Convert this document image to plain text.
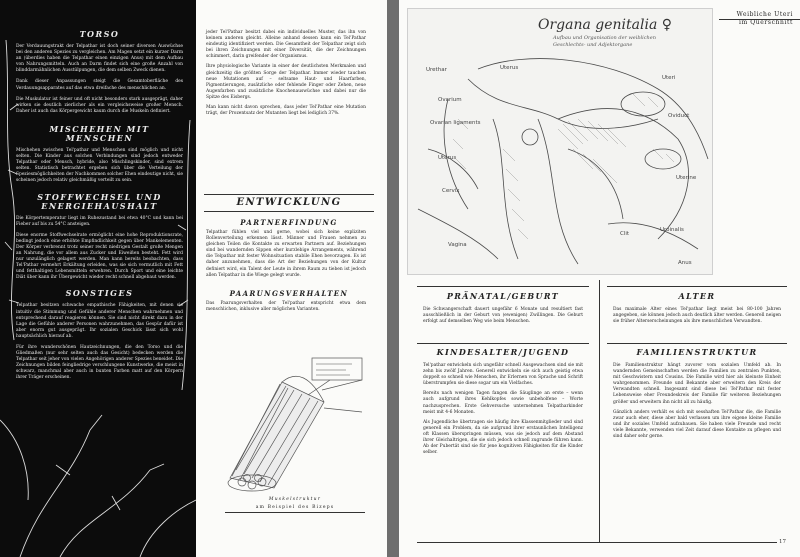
TORSO

Der Verdauungstrakt der Telpathar ist doch seiner diversen Auswüchse bei den anderen Spezies zu vergleichen. Am Magen setzt ein kurzer Darm an (überdies haben die Telpathar einen einzigen Anus) mit dem Aufbau von Nahrungsmitteln. Auch an Darm findet sich eine große Anzahl von blinddarmähnlichen Ausstülpungen, die dem selben Zweck dienen.

Dank dieser Anpassungen steigt die Gesamtoberfläche des Verdauungsapparates auf das etwa dreifache des menschlichen an.

Die Muskulatur ist feiner und oft nicht besonders stark ausgeprägt, daher wirken sie deutlich zierlicher als ein vergleichsweise großer Mensch. Daher ist auch das Körpergewicht kaum durch die Muskeln definiert.

MISCHEHEN MIT MENSCHEN

Mischehen zwischen Tel'pathar und Menschen sind möglich und nicht selten. Die Kinder aus solchen Verbindungen sind jedoch entweder Telpathar oder Mensch, hybride, also Mischlingskinder, sind extrem selten. Statistisch betrachtet ergeben sich über die Verteilung der Speziesmöglichkeiten der Nachkommen solcher Ehen eindeutige nicht, sie scheinen jedoch relativ gleichmäßig verteilt zu sein.

STOFFWECHSEL UND ENERGIEHAUSHALT

Die Körpertemperatur liegt im Ruhezustand bei etwa 40°C und kann bei Fieber auf bis zu 54°C ansteigen.

Diese enorme Stoffwechselrate ermöglicht eine hohe Reproduktionsrate, bedingt jedoch eine erhöhte Empfindlichkeit gegen über Mankelementen. Der Körper verbrennt trotz seiner recht niedrigen Gestalt große Mengen an Nahrung, die vor allem aus Zucker und Eiweißen besteht. Fett wird nur unzulänglich gelagert werden. Man kann bereits beobachten, dass Tel'Pathar vermehrt Erkältung erleiden, was sie sich vermutlich mit Fett und fetthaltigen Lebensmitteln erwehren. Durch Sport und eine leichte Diät über kann ihr Übergewicht wieder recht schnell abgebaut werden.

SONSTIGES

Telpathar besitzen schwache empathische Fähigkeiten, mit denen sie intuitiv die Stimmung und Gefühle anderer Menschen wahrnehmen und entsprechend darauf reagieren können. Sie sind nicht direkt dazu in der Lage die Gefühle anderer Personen wahrzunehmen, das Gespür dafür ist aber enorm gut ausgeprägt. Ihr sozialen Geschick lässt sich wohl hauptsächlich hierauf ab.

Für ihre wunderschönen Hautzeichnungen, die den Torso und die Gliedmaßen (nur sehr selten auch das Gesicht) bedecken werden die Telpathar seit jeher von vielen Angehörigen anderer Spezies beneidet. Die Zeichnungen bilden feingliedrige verschlungene Kunstwerke, die meist in schwarz, manchmal aber auch in bunten Farben matt auf den Körpern ihrer Träger erscheinen.

jeder Tel'Pathar besitzt dabei ein individuelles Muster, das ihn von keinem anderen gleicht. Alleine anhand dessen kann ein Tel'Pathar eindeutig identifiziert werden. Die Gesamtheit der Telpathar zeigt sich bei ihren Zeichnungen mit einer Diversität, die der Zeichnungen schimmert, darin greifender der Organismus.

Ihre physiologische Variante in einer der deutlichsten Merkmalen und gleichzeitig die größten Sorge der Telpathar. Immer wieder tauchen neue Mutationen auf – seltsame Haut- und Haarfarben, Pigmentierungen, zusätzliche oder fehlende Finger oder Zehen, neue Augenfarben und zusätzliche Knochenauswüchse und dabei nur die Spitze des Eisbergs.

Man kann nicht davon sprechen, dass jeder Tel'Pathar eine Mutation trägt, der Prozentsatz der Mutanten liegt bei lediglich 37%.

ENTWICKLUNG
PARTNERFINDUNG

Telpathar fühlen viel und gerne, wobei sich keine expliziten Rollenverteilung erkennen lässt. Männer und Frauen nehmen zu gleichen Teilen die Kontakte zu erwarten Partnern auf. Beziehungen sind bei wandernden Sippen eher kurzlebige Arrangements, während die Telpathar mit fester Wohnsituation stabile Ehen bevorzugen. Es ist daher anzunehmen, dass die Art der Beziehungen von der Kultur definiert wird, ein Talent der Leute in ihrem Raum zu tieben ist jedoch allen Telpathar in die Wiege gelegt wurde.

PAARUNGSVERHALTEN

Das Paarungsverhalten der Tel'pathar entspricht etwa dem menschlichen, inklusive aller möglichen Varianten.

Muskelstruktur
am Beispiel des Bizeps
Weibliche Uteri
im Querschnitt
Organa genitalia ♀
Aufbau und Organisation der weiblichen
Geschlechts- und Adjektorgane
Urethar	Uterus
Uteri
Oviduct
Ovarium
Uterine
Ovarian ligaments
Uterus
Cervix
Vagina
Clit
Anus
Uroinalis
PRÄNATAL/GEBURT

Die Schwangerschaft dauert ungefähr 6 Monate und resultiert fast ausschließlich in der Geburt von (ewenigen) Zwillingen. Die Geburt erfolgt auf demselben Weg wie beim Menschen.

KINDESALTER/JUGEND

Tel'pathar entwickeln sich ungefähr schnell Ausgewachsen sind sie mit zehn bis zwölf Jahren. Generell entwickeln sie sich auch geistig etwa doppelt so schnell wie Menschen, ihr Erlernen von Sprache und Schrift überstrumpfen sie diese sogar um ein Vielfaches.

Bereits nach wenigen Tagen fangen die Säuglinge an erste – wenn auch aufgrund ihres Kehlkopfes sowie unbeholfene – Worte nachzusprechen. Erste Gehversuche unternehmen Telpatharkinder meist mit 4-6 Monaten.

Als Jugendliche übertragen sie häufig ihre Klassenmitglieder und sind generell ein Problem, da sie aufgrund ihrer erstaunlichen Intelligenz oft Klassen überspringen müssen, was sie jedoch auf dem Abstand ihrer Gleichaltrigen, die sie sich jedoch schnell zugrunde führen kann. Ab der Pubertät sind sie für jene kognitiven Fähigkeiten für die Kinder selber.

ALTER

Das maximale Alter eines Tel'pathar liegt meist bei 80-100 Jahren angegeben, sie können jedoch auch deutlich älter werden. Generell neigen sie früher Alterserscheinungen als ihre menschlichen Verwandten.

FAMILIENSTRUKTUR

Die Familienstruktur hängt zuvorer vom sozialen Umfeld ab. In wandernden Gemeinschaften werden die Familien zu zentralen Punkten, mit Geschwistern und Cousins. Die Familie wird hier als kleinste Einheit wahrgenommen. Freunde und Bekannte aber erweitern den Kreis der Verwandten schnell. Insgesamt sind diese bei Tel'Pathar mit fester Lebensweise eher Freundeskreis der Familie für weiteren Beziehungen größer und erweitern ihn nicht all zu häufig.

Gänzlich anders verhält es sich mit sesshaften Tel'Pathar die, die Familie zwar auch eher, diese aber bald verlassen um ihre eigene kleine Familie und ihr soziales Umfeld aufzubauen. Sie haben viele Freunde und recht viele Bekannte, verwenden viel Zeit darauf diese Kontakte zu pflegen und sind daher sehr gerne.

17
